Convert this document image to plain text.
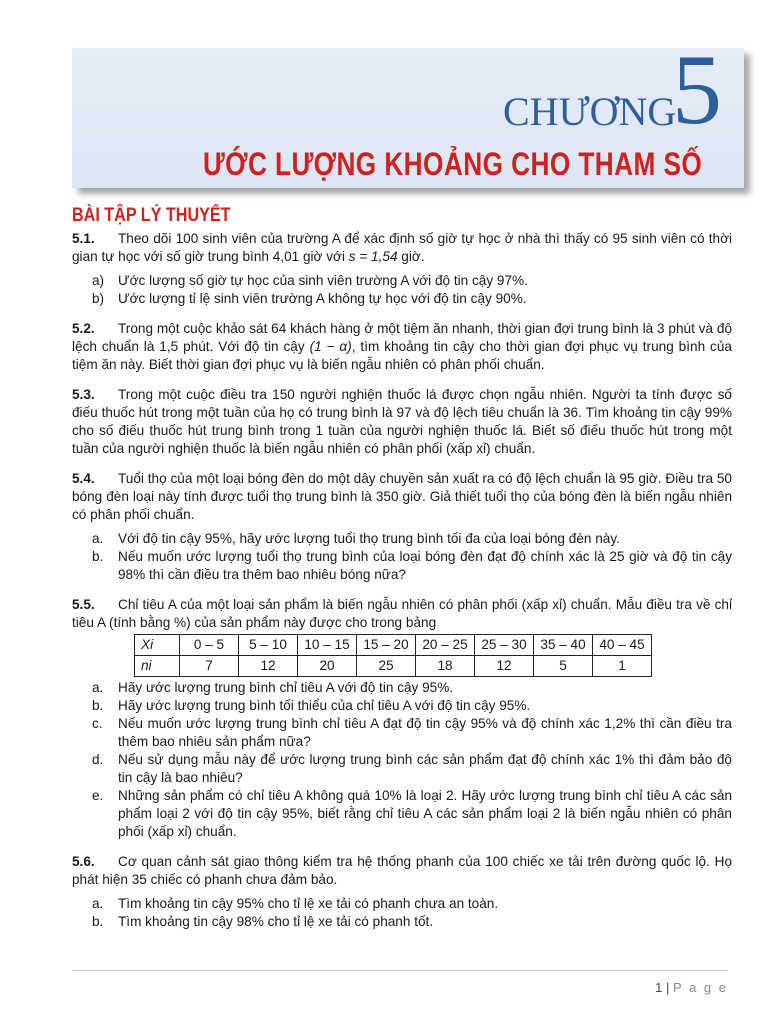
CHƯƠNG
5
ƯỚC LƯỢNG KHOẢNG CHO THAM SỐ
BÀI TẬP LÝ THUYẾT

5.1. Theo dõi 100 sinh viên của trường A để xác định số giờ tự học ở nhà thì thấy có 95 sinh viên có thời gian tự học với số giờ trung bình 4,01 giờ với s = 1,54 giờ.

a) Ước lượng số giờ tự học của sinh viên trường A với độ tin cậy 97%.
b) Ước lượng tỉ lệ sinh viên trường A không tự học với độ tin cậy 90%.

5.2. Trong một cuộc khảo sát 64 khách hàng ở một tiệm ăn nhanh, thời gian đợi trung bình là 3 phút và độ lệch chuẩn là 1,5 phút. Với độ tin cậy (1 − α), tìm khoảng tin cậy cho thời gian đợi phục vụ trung bình của tiệm ăn này. Biết thời gian đợi phục vụ là biến ngẫu nhiên có phân phối chuẩn.

5.3. Trong một cuộc điều tra 150 người nghiện thuốc lá được chọn ngẫu nhiên. Người ta tính được số điếu thuốc hút trong một tuần của họ có trung bình là 97 và độ lệch tiêu chuẩn là 36. Tìm khoảng tin cậy 99% cho số điếu thuốc hút trung bình trong 1 tuần của người nghiện thuốc lá. Biết số điếu thuốc hút trong một tuần của người nghiện thuốc là biến ngẫu nhiên có phân phối (xấp xỉ) chuẩn.

5.4. Tuổi thọ của một loại bóng đèn do một dây chuyền sản xuất ra có độ lệch chuẩn là 95 giờ. Điều tra 50 bóng đèn loại này tính được tuổi thọ trung bình là 350 giờ. Giả thiết tuổi thọ của bóng đèn là biến ngẫu nhiên có phân phối chuẩn.

a. Với độ tin cậy 95%, hãy ước lượng tuổi thọ trung bình tối đa của loại bóng đèn này.
b. Nếu muốn ước lượng tuổi thọ trung bình của loại bóng đèn đạt độ chính xác là 25 giờ và độ tin cậy 98% thì cần điều tra thêm bao nhiêu bóng nữa?

5.5. Chỉ tiêu A của một loại sản phẩm là biến ngẫu nhiên có phân phối (xấp xỉ) chuẩn. Mẫu điều tra về chỉ tiêu A (tính bằng %) của sản phẩm này được cho trong bảng

Xi	0 – 5	5 – 10	10 – 15	15 – 20	20 – 25	25 – 30	35 – 40	40 – 45
ni	7	12	20	25	18	12	5	1
a. Hãy ước lượng trung bình chỉ tiêu A với độ tin cậy 95%.
b. Hãy ước lượng trung bình tối thiểu của chỉ tiêu A với độ tin cậy 95%.
c. Nếu muốn ước lượng trung bình chỉ tiêu A đạt độ tin cậy 95% và độ chính xác 1,2% thì cần điều tra thêm bao nhiêu sản phẩm nữa?
d. Nếu sử dụng mẫu này để ước lượng trung bình các sản phẩm đạt độ chính xác 1% thì đảm bảo độ tin cậy là bao nhiêu?
e. Những sản phẩm có chỉ tiêu A không quá 10% là loại 2. Hãy ước lượng trung bình chỉ tiêu A các sản phẩm loại 2 với độ tin cậy 95%, biết rằng chỉ tiêu A các sản phẩm loại 2 là biến ngẫu nhiên có phân phối (xấp xỉ) chuẩn.

5.6. Cơ quan cảnh sát giao thông kiểm tra hệ thống phanh của 100 chiếc xe tải trên đường quốc lộ. Họ phát hiện 35 chiếc có phanh chưa đảm bảo.

a. Tìm khoảng tin cậy 95% cho tỉ lệ xe tải có phanh chưa an toàn.
b. Tìm khoảng tin cậy 98% cho tỉ lệ xe tải có phanh tốt.
1 | P a g e
